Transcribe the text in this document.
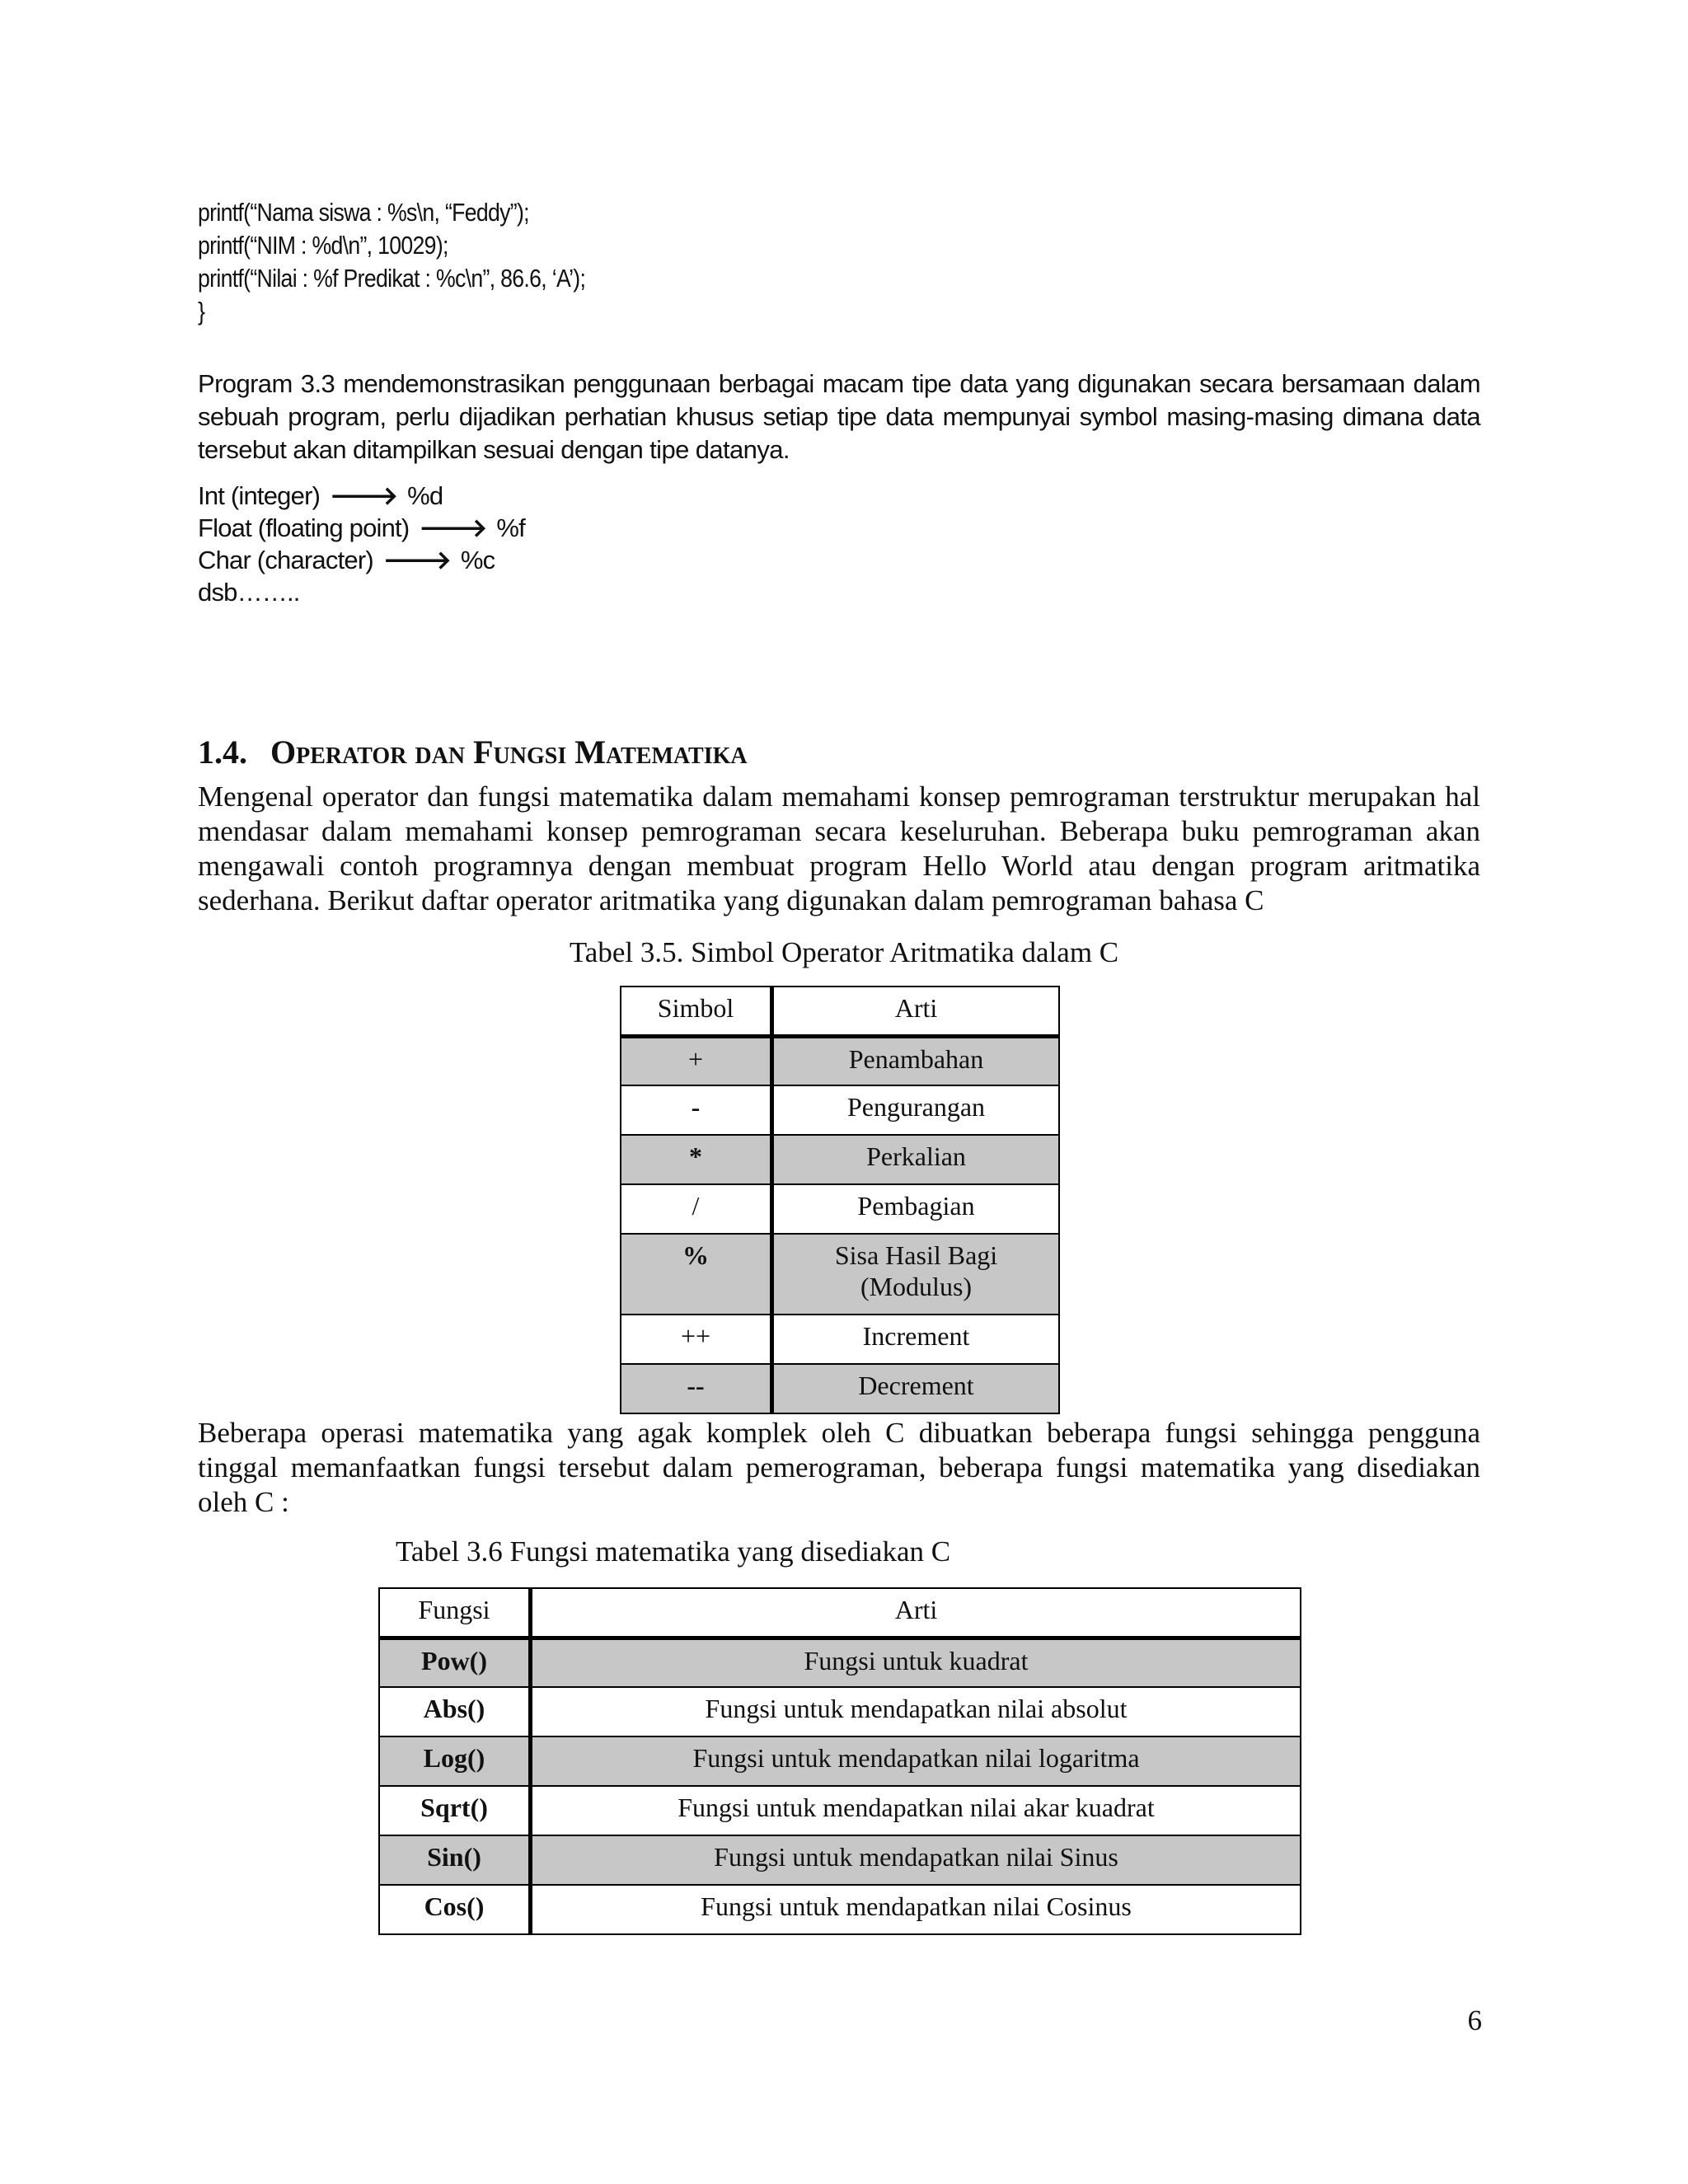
printf(“Nama siswa : %s\n, “Feddy”);
printf(“NIM : %d\n”, 10029);
printf(“Nilai : %f Predikat : %c\n”, 86.6, ‘A’);
}

Program 3.3 mendemonstrasikan penggunaan berbagai macam tipe data yang digunakan secara bersamaan dalam sebuah program, perlu dijadikan perhatian khusus setiap tipe data mempunyai symbol masing-masing dimana data tersebut akan ditampilkan sesuai dengan tipe datanya.

Int (integer) 🡒 %d
Float (floating point) 🡒 %f
Char (character) 🡒 %c
dsb……..
1.4. Operator dan Fungsi Matematika

Mengenal operator dan fungsi matematika dalam memahami konsep pemrograman terstruktur merupakan hal mendasar dalam memahami konsep pemrograman secara keseluruhan. Beberapa buku pemrograman akan mengawali contoh programnya dengan membuat program Hello World atau dengan program aritmatika sederhana. Berikut daftar operator aritmatika yang digunakan dalam pemrograman bahasa C

Tabel 3.5. Simbol Operator Aritmatika dalam C
Simbol	Arti
+	Penambahan
-	Pengurangan
*	Perkalian
/	Pembagian
%	Sisa Hasil Bagi (Modulus)
++	Increment
--	Decrement

Beberapa operasi matematika yang agak komplek oleh C dibuatkan beberapa fungsi sehingga pengguna tinggal memanfaatkan fungsi tersebut dalam pemerograman, beberapa fungsi matematika yang disediakan oleh C :

Tabel 3.6 Fungsi matematika yang disediakan C
Fungsi	Arti
Pow()	Fungsi untuk kuadrat
Abs()	Fungsi untuk mendapatkan nilai absolut
Log()	Fungsi untuk mendapatkan nilai logaritma
Sqrt()	Fungsi untuk mendapatkan nilai akar kuadrat
Sin()	Fungsi untuk mendapatkan nilai Sinus
Cos()	Fungsi untuk mendapatkan nilai Cosinus
6
